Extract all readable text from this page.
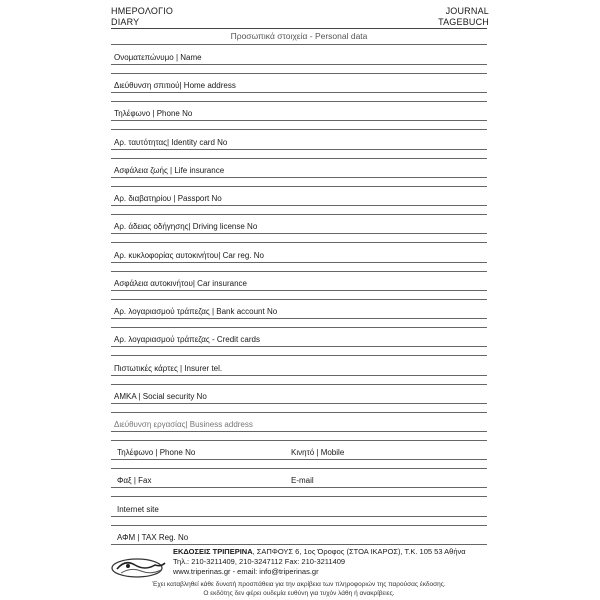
ΗΜΕΡΟΛΟΓΙΟ
DIARY
JOURNAL
TAGEBUCH
Προσωπικά στοιχεία - Personal data
Ονοματεπώνυμο | Name
Διεύθυνση σπιτιού| Home address
Τηλέφωνο | Phone No
Αρ. ταυτότητας| Identity card No
Ασφάλεια ζωής | Life insurance
Αρ. διαβατηρίου | Passport No
Αρ. άδειας οδήγησης| Driving license No
Αρ. κυκλοφορίας αυτοκινήτου| Car reg. No
Ασφάλεια αυτοκινήτου| Car insurance
Αρ. λογαριασμού τράπεζας | Bank account No
Αρ. λογαριασμού τράπεζας - Credit cards
Πιστωτικές κάρτες | Insurer tel.
ΑΜΚΑ | Social security No
Διεύθυνση εργασίας| Business address
Τηλέφωνο | Phone No	Κινητό | Mobile
Φαξ | Fax	E-mail
Internet site
ΑΦΜ | TAX Reg. No
ΕΚΔΟΣΕΙΣ ΤΡΙΠΕΡΙΝΑ, ΣΑΠΦΟΥΣ 6, 1ος Όροφος (ΣΤΟΑ ΙΚΑΡΟΣ), Τ.Κ. 105 53 Αθήνα
Τηλ.: 210-3211409, 210-3247112 Fax: 210-3211409
www.triperinas.gr - email: info@triperinas.gr
Έχει καταβληθεί κάθε δυνατή προσπάθεια για την ακρίβεια των πληροφοριών της παρούσας έκδοσης.
Ο εκδότης δεν φέρει ουδεμία ευθύνη για τυχόν λάθη ή ανακρίβειες.
